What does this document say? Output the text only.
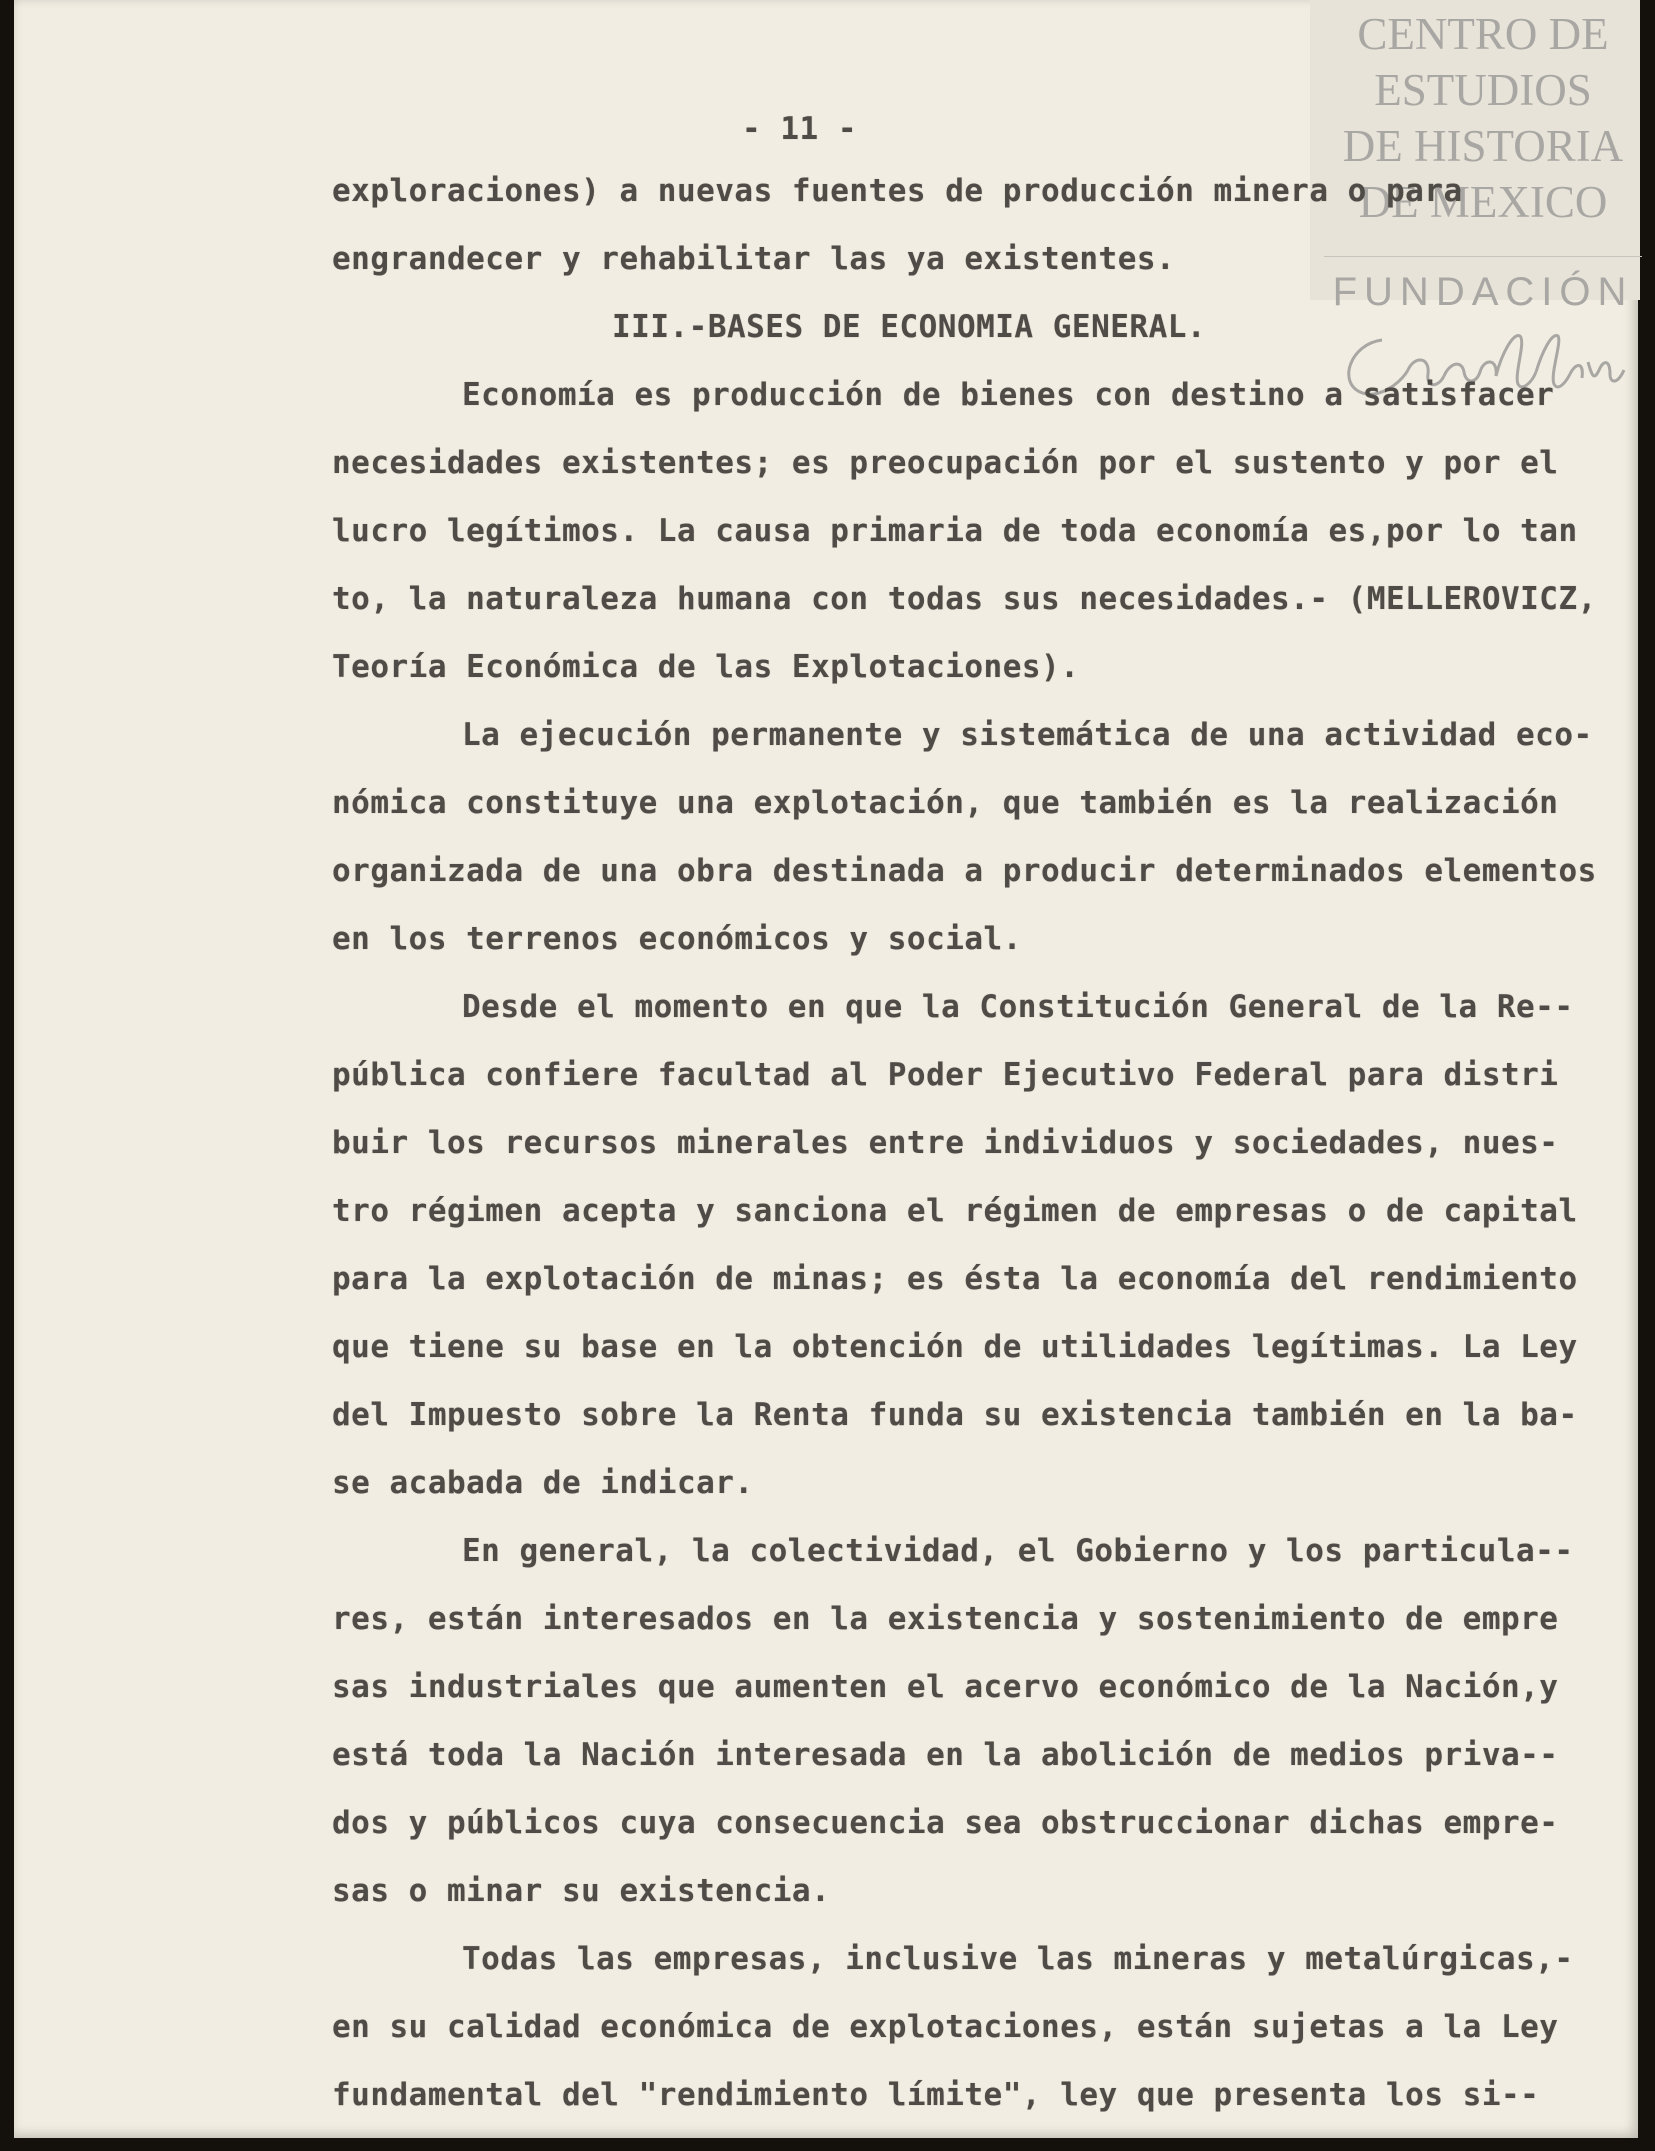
CENTRO DE
ESTUDIOS
DE HISTORIA
DE MEXICO
FUNDACIÓN
- 11 -
exploraciones) a nuevas fuentes de producción minera o para
engrandecer y rehabilitar las ya existentes.
III.-BASES DE ECONOMIA GENERAL.
Economía es producción de bienes con destino a satisfacer
necesidades existentes; es preocupación por el sustento y por el
lucro legítimos. La causa primaria de toda economía es,por lo tan
to, la naturaleza humana con todas sus necesidades.- (MELLEROVICZ,
Teoría Económica de las Explotaciones).
La ejecución permanente y sistemática de una actividad eco-
nómica constituye una explotación, que también es la realización
organizada de una obra destinada a producir determinados elementos
en los terrenos económicos y social.
Desde el momento en que la Constitución General de la Re--
pública confiere facultad al Poder Ejecutivo Federal para distri
buir los recursos minerales entre individuos y sociedades, nues-
tro régimen acepta y sanciona el régimen de empresas o de capital
para la explotación de minas; es ésta la economía del rendimiento
que tiene su base en la obtención de utilidades legítimas. La Ley
del Impuesto sobre la Renta funda su existencia también en la ba-
se acabada de indicar.
En general, la colectividad, el Gobierno y los particula--
res, están interesados en la existencia y sostenimiento de empre
sas industriales que aumenten el acervo económico de la Nación,y
está toda la Nación interesada en la abolición de medios priva--
dos y públicos cuya consecuencia sea obstruccionar dichas empre-
sas o minar su existencia.
Todas las empresas, inclusive las mineras y metalúrgicas,-
en su calidad económica de explotaciones, están sujetas a la Ley
fundamental del "rendimiento límite", ley que presenta los si--
